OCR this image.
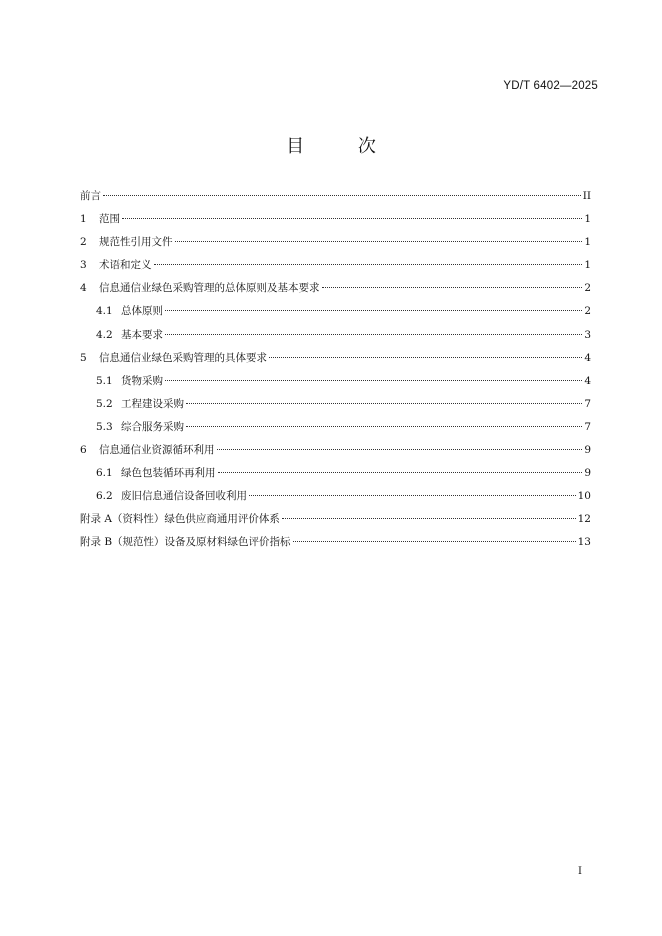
YD/T 6402—2025
目 次
前言	II
1	范围	1
2	规范性引用文件	1
3	术语和定义	1
4	信息通信业绿色采购管理的总体原则及基本要求	2
4.1 总体原则	2
4.2 基本要求	3
5	信息通信业绿色采购管理的具体要求	4
5.1 货物采购	4
5.2 工程建设采购	7
5.3 综合服务采购	7
6	信息通信业资源循环利用	9
6.1 绿色包装循环再利用	9
6.2 废旧信息通信设备回收利用	10
附录 A（资料性）绿色供应商通用评价体系	12
附录 B（规范性）设备及原材料绿色评价指标	13
I
